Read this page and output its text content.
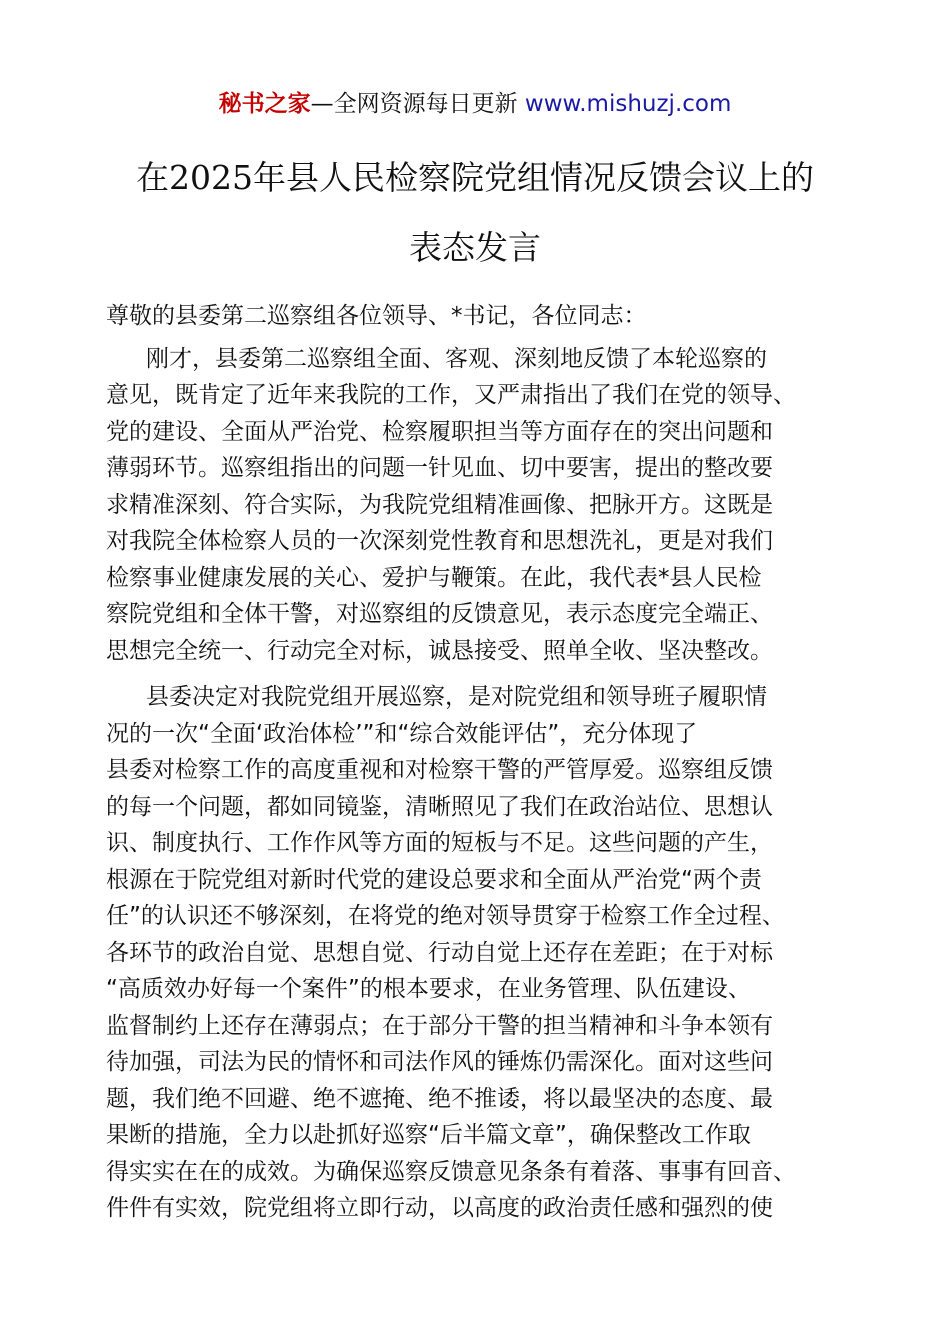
秘书之家—全网资源每日更新 www.mishuzj.com
在2025年县人民检察院党组情况反馈会议上的
表态发言
尊敬的县委第二巡察组各位领导、*书记，各位同志：
刚才，县委第二巡察组全面、客观、深刻地反馈了本轮巡察的
意见，既肯定了近年来我院的工作，又严肃指出了我们在党的领导、
党的建设、全面从严治党、检察履职担当等方面存在的突出问题和
薄弱环节。巡察组指出的问题一针见血、切中要害，提出的整改要
求精准深刻、符合实际，为我院党组精准画像、把脉开方。这既是
对我院全体检察人员的一次深刻党性教育和思想洗礼，更是对我们
检察事业健康发展的关心、爱护与鞭策。在此，我代表*县人民检
察院党组和全体干警，对巡察组的反馈意见，表示态度完全端正、
思想完全统一、行动完全对标，诚恳接受、照单全收、坚决整改。
县委决定对我院党组开展巡察，是对院党组和领导班子履职情
况的一次“全面‘政治体检’”和“综合效能评估”，充分体现了
县委对检察工作的高度重视和对检察干警的严管厚爱。巡察组反馈
的每一个问题，都如同镜鉴，清晰照见了我们在政治站位、思想认
识、制度执行、工作作风等方面的短板与不足。这些问题的产生，
根源在于院党组对新时代党的建设总要求和全面从严治党“两个责
任”的认识还不够深刻，在将党的绝对领导贯穿于检察工作全过程、
各环节的政治自觉、思想自觉、行动自觉上还存在差距；在于对标
“高质效办好每一个案件”的根本要求，在业务管理、队伍建设、
监督制约上还存在薄弱点；在于部分干警的担当精神和斗争本领有
待加强，司法为民的情怀和司法作风的锤炼仍需深化。面对这些问
题，我们绝不回避、绝不遮掩、绝不推诿，将以最坚决的态度、最
果断的措施，全力以赴抓好巡察“后半篇文章”，确保整改工作取
得实实在在的成效。为确保巡察反馈意见条条有着落、事事有回音、
件件有实效，院党组将立即行动，以高度的政治责任感和强烈的使
